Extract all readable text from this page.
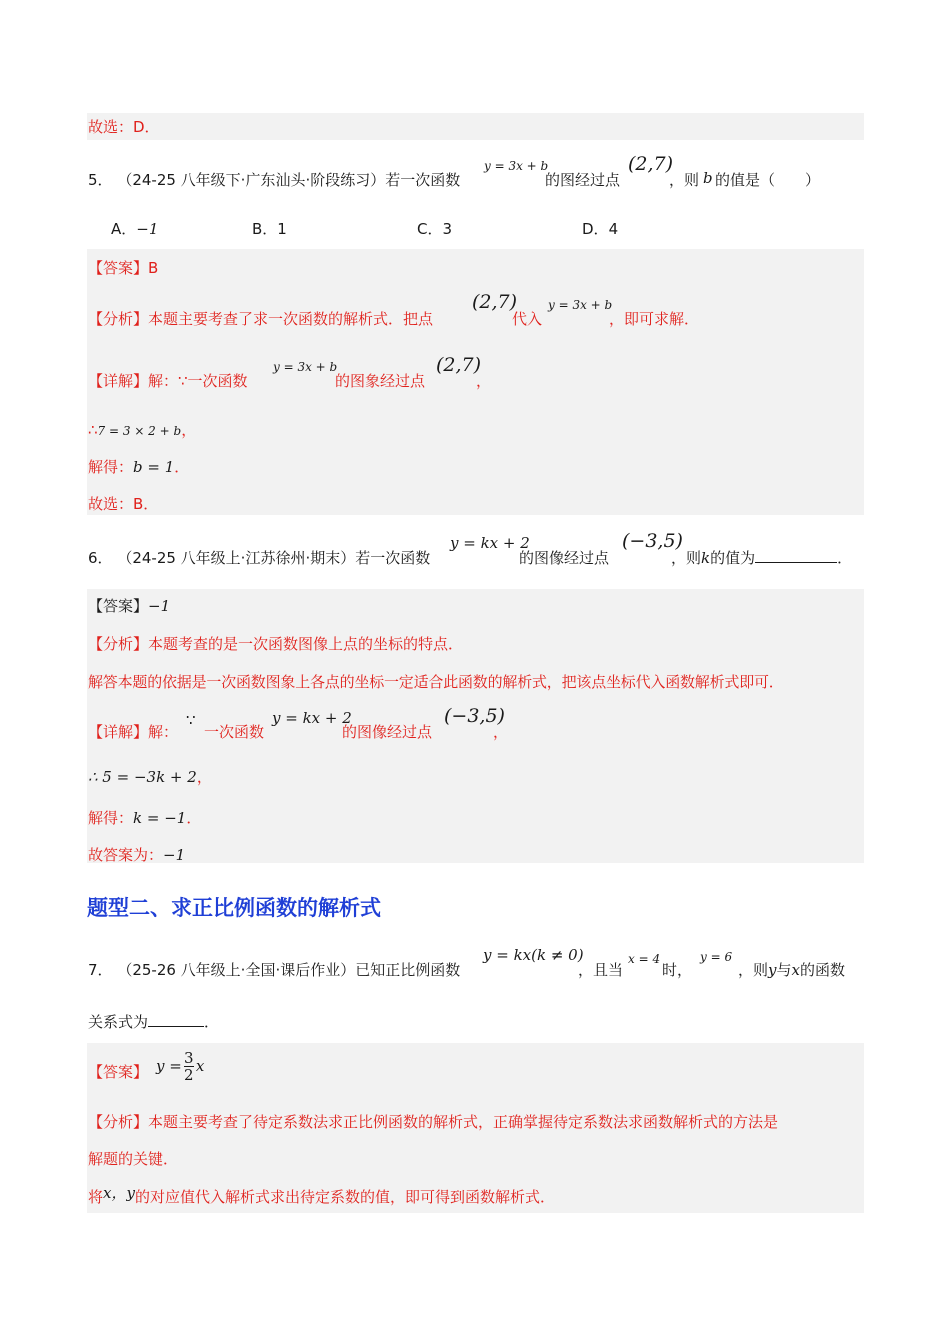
故选：D．
5． （24-25 八年级下·广东汕头·阶段练习）若一次函数
y = 3x + b
的图经过点
(2,7)
，则 b 的值是（　　）
A．−1	B．1	C．3	D．4
【答案】B
【分析】本题主要考查了求一次函数的解析式．把点
(2,7)
代入
y = 3x + b
，即可求解．
【详解】解：∵一次函数
y = 3x + b
的图象经过点
(2,7)
，
∴7 = 3 × 2 + b，
解得：b = 1．
故选：B．
6． （24-25 八年级上·江苏徐州·期末）若一次函数
y = kx + 2
的图像经过点
(−3,5)
，则k的值为	．
【答案】−1
【分析】本题考查的是一次函数图像上点的坐标的特点．
解答本题的依据是一次函数图象上各点的坐标一定适合此函数的解析式，把该点坐标代入函数解析式即可．
【详解】解：
∵
一次函数
y = kx + 2
的图像经过点
(−3,5)
，
∴ 5 = −3k + 2，
解得：k = −1．
故答案为：−1
题型二、求正比例函数的解析式
7． （25-26 八年级上·全国·课后作业）已知正比例函数
y = kx(k ≠ 0)
，且当
x = 4
时，
y = 6
，则y与x的函数
关系式为	．
【答案】 $y = \frac{3}{2}$ x
【分析】本题主要考查了待定系数法求正比例函数的解析式，正确掌握待定系数法求函数解析式的方法是
解题的关键．
将x，y的对应值代入解析式求出待定系数的值，即可得到函数解析式．
